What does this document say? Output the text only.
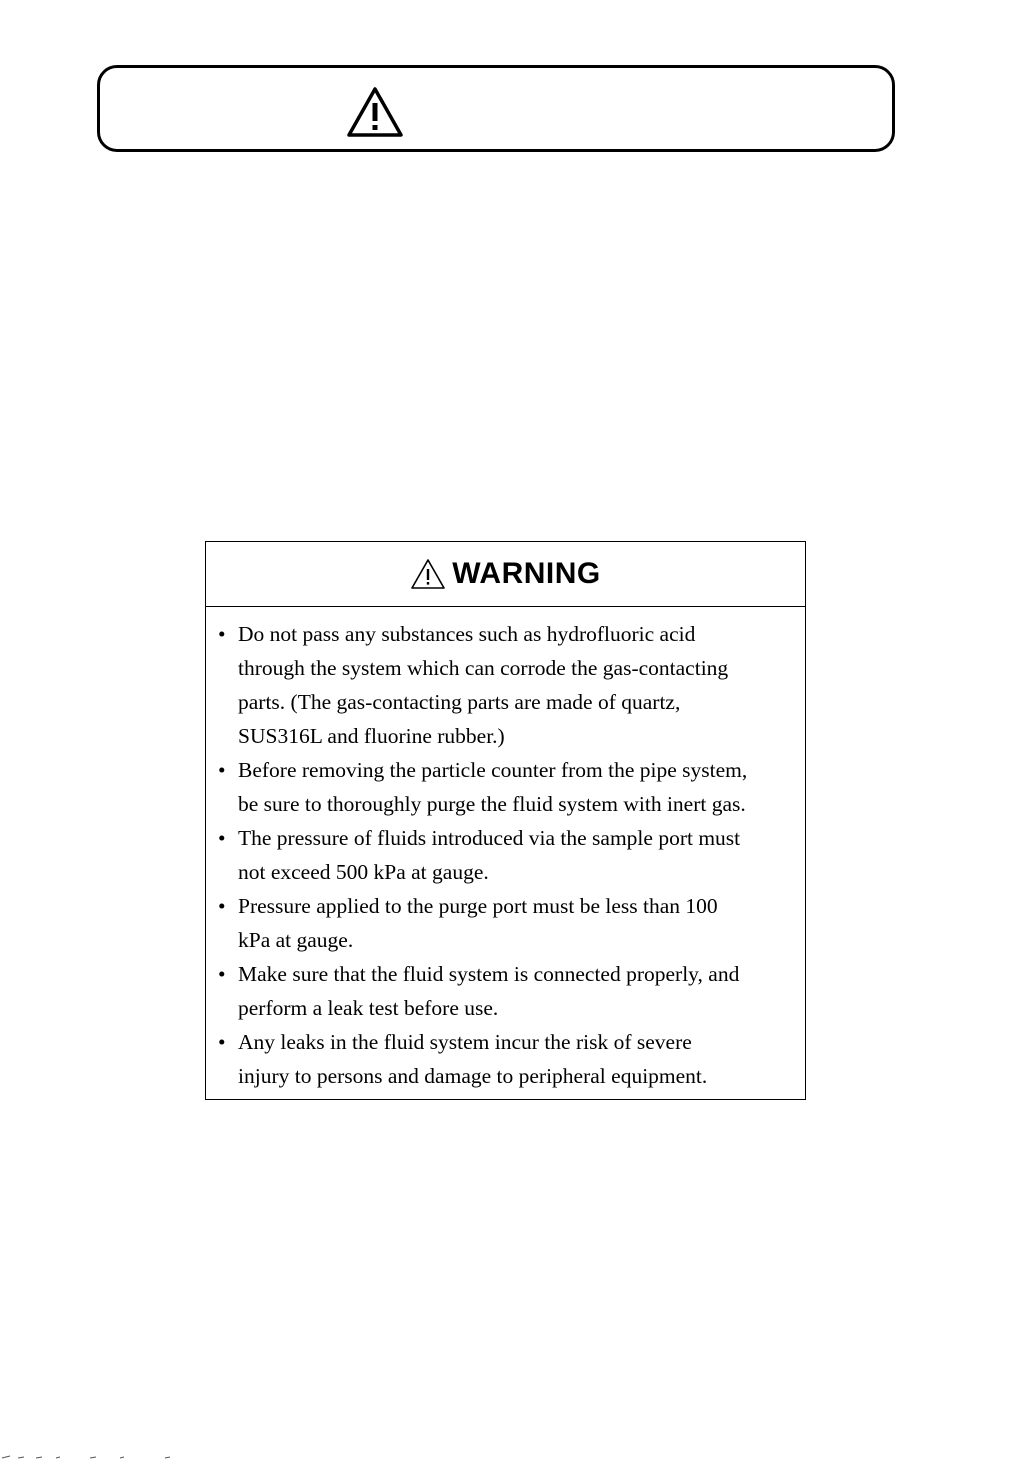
WARNING
• Do not pass any substances such as hydrofluoric acid
through the system which can corrode the gas-contacting
parts. (The gas-contacting parts are made of quartz,
SUS316L and fluorine rubber.)
• Before removing the particle counter from the pipe system,
be sure to thoroughly purge the fluid system with inert gas.
• The pressure of fluids introduced via the sample port must
not exceed 500 kPa at gauge.
• Pressure applied to the purge port must be less than 100
kPa at gauge.
• Make sure that the fluid system is connected properly, and
perform a leak test before use.
• Any leaks in the fluid system incur the risk of severe
injury to persons and damage to peripheral equipment.
